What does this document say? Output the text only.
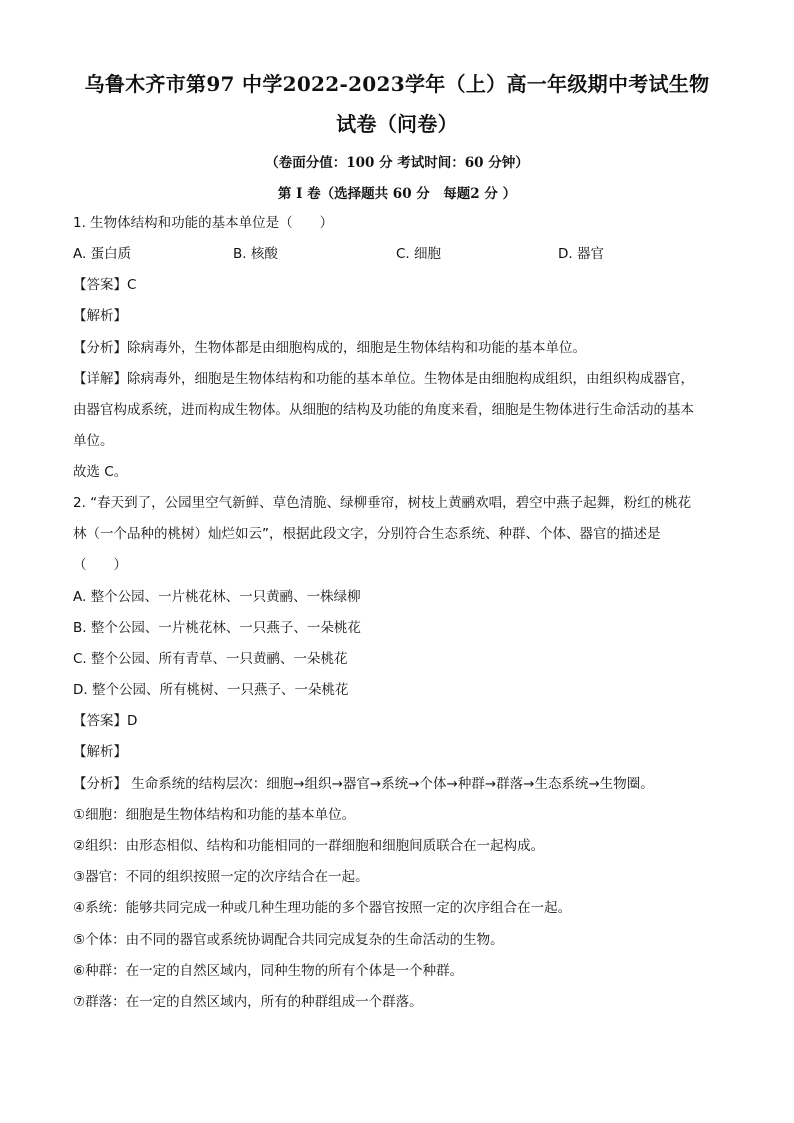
乌鲁木齐市第97 中学2022-2023学年（上）高一年级期中考试生物
试卷（问卷）
（卷面分值：100 分 考试时间：60 分钟）
第 I 卷（选择题共 60 分　每题2 分 ）
1. 生物体结构和功能的基本单位是（　　）
A. 蛋白质	B. 核酸	C. 细胞	D. 器官
【答案】C
【解析】
【分析】除病毒外，生物体都是由细胞构成的，细胞是生物体结构和功能的基本单位。
【详解】除病毒外，细胞是生物体结构和功能的基本单位。生物体是由细胞构成组织，由组织构成器官，
由器官构成系统，进而构成生物体。从细胞的结构及功能的角度来看，细胞是生物体进行生命活动的基本
单位。
故选 C。
2. “春天到了，公园里空气新鲜、草色清脆、绿柳垂帘，树枝上黄鹂欢唱，碧空中燕子起舞，粉红的桃花
林（一个品种的桃树）灿烂如云”，根据此段文字，分别符合生态系统、种群、个体、器官的描述是
（　　）
A. 整个公园、一片桃花林、一只黄鹂、一株绿柳
B. 整个公园、一片桃花林、一只燕子、一朵桃花
C. 整个公园、所有青草、一只黄鹂、一朵桃花
D. 整个公园、所有桃树、一只燕子、一朵桃花
【答案】D
【解析】
【分析】 生命系统的结构层次：细胞→组织→器官→系统→个体→种群→群落→生态系统→生物圈。
①细胞：细胞是生物体结构和功能的基本单位。
②组织：由形态相似、结构和功能相同的一群细胞和细胞间质联合在一起构成。
③器官：不同的组织按照一定的次序结合在一起。
④系统：能够共同完成一种或几种生理功能的多个器官按照一定的次序组合在一起。
⑤个体：由不同的器官或系统协调配合共同完成复杂的生命活动的生物。
⑥种群：在一定的自然区域内，同种生物的所有个体是一个种群。
⑦群落：在一定的自然区域内，所有的种群组成一个群落。
